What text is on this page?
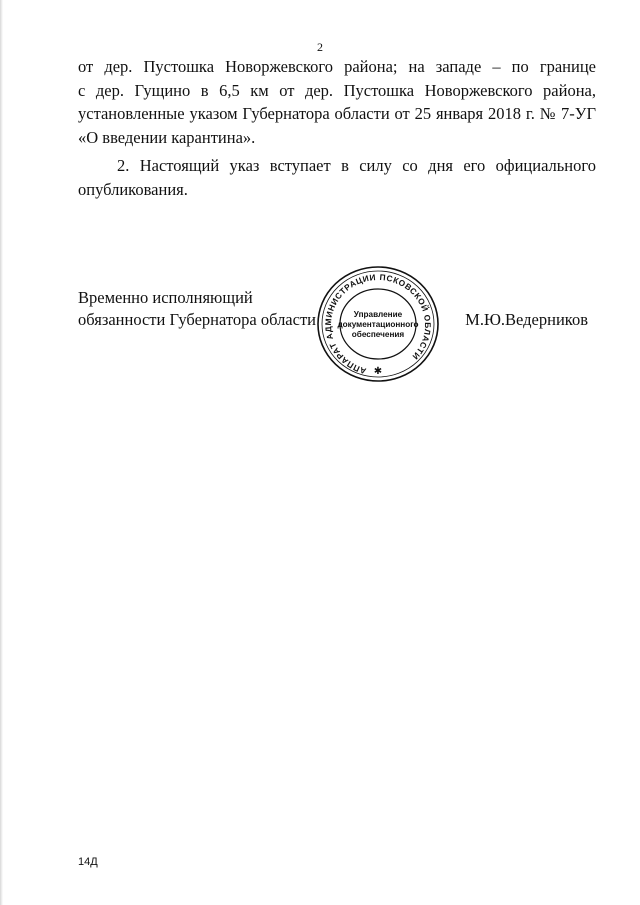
2

от дер. Пустошка Новоржевского района; на западе – по границе
с дер. Гущино в 6,5 км от дер. Пустошка Новоржевского района,
установленные указом Губернатора области от 25 января 2018 г. № 7-УГ
«О введении карантина».

2. Настоящий указ вступает в силу со дня его официального
опубликования.

Временно исполняющий
обязанности Губернатора области	М.Ю.Ведерников
АППАРАТ АДМИНИСТРАЦИИ ПСКОВСКОЙ ОБЛАСТИ
Управление
документационного
обеспечения
✱
14Д
